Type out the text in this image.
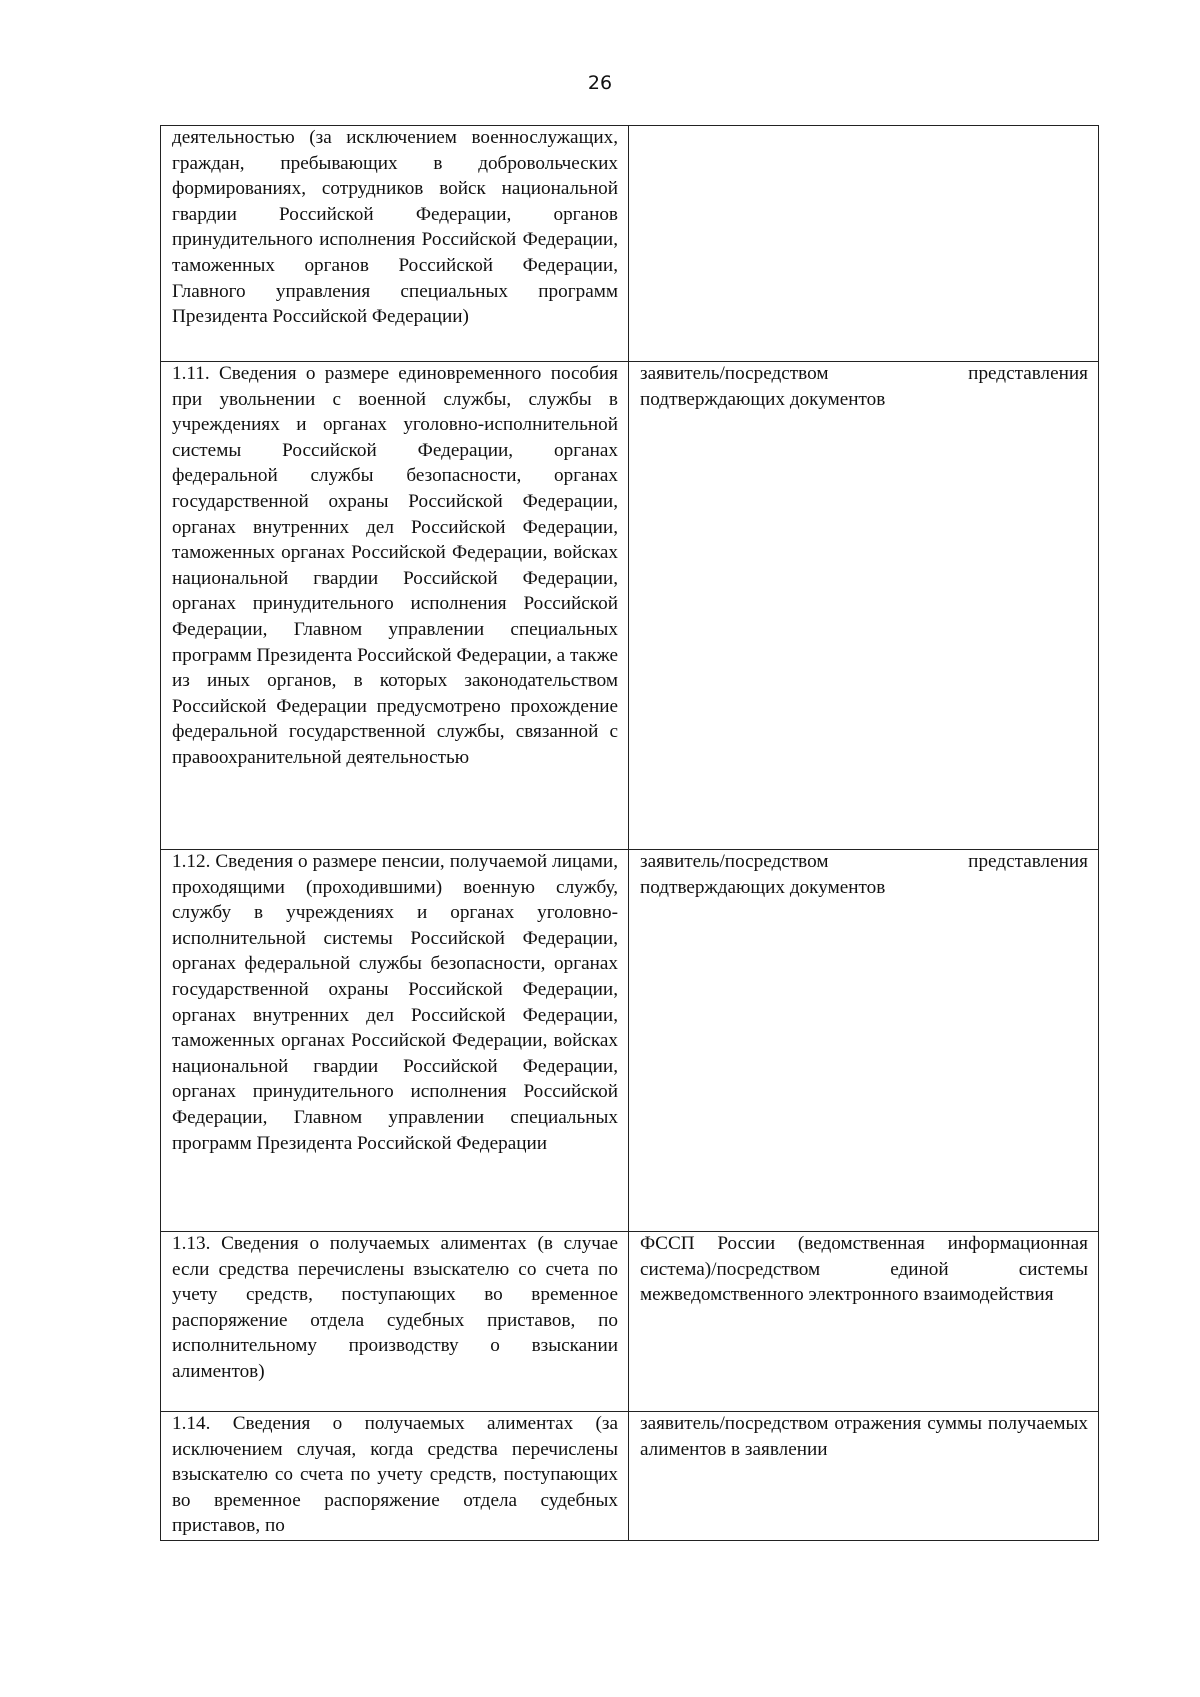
26
деятельностью (за исключением военнослужащих, граждан, пребывающих в добровольческих формированиях, сотрудников войск национальной гвардии Российской Федерации, органов принудительного исполнения Российской Федерации, таможенных органов Российской Федерации, Главного управления специальных программ Президента Российской Федерации)	

1.11. Сведения о размере единовременного пособия при увольнении с военной службы, службы в учреждениях и органах уголовно-исполнительной системы Российской Федерации, органах федеральной службы безопасности, органах государственной охраны Российской Федерации, органах внутренних дел Российской Федерации, таможенных органах Российской Федерации, войсках национальной гвардии Российской Федерации, органах принудительного исполнения Российской Федерации, Главном управлении специальных программ Президента Российской Федерации, а также из иных органов, в которых законодательством Российской Федерации предусмотрено прохождение федеральной государственной службы, связанной с правоохранительной деятельностью	заявитель/посредством представления подтверждающих документов

1.12. Сведения о размере пенсии, получаемой лицами, проходящими (проходившими) военную службу, службу в учреждениях и органах уголовно-исполнительной системы Российской Федерации, органах федеральной службы безопасности, органах государственной охраны Российской Федерации, органах внутренних дел Российской Федерации, таможенных органах Российской Федерации, войсках национальной гвардии Российской Федерации, органах принудительного исполнения Российской Федерации, Главном управлении специальных программ Президента Российской Федерации	заявитель/посредством представления подтверждающих документов

1.13. Сведения о получаемых алиментах (в случае если средства перечислены взыскателю со счета по учету средств, поступающих во временное распоряжение отдела судебных приставов, по исполнительному производству о взыскании алиментов)	ФССП России (ведомственная информационная система)/посредством единой системы межведомственного электронного взаимодействия

1.14. Сведения о получаемых алиментах (за исключением случая, когда средства перечислены взыскателю со счета по учету средств, поступающих во временное распоряжение отдела судебных приставов, по	заявитель/посредством отражения суммы получаемых алиментов в заявлении
